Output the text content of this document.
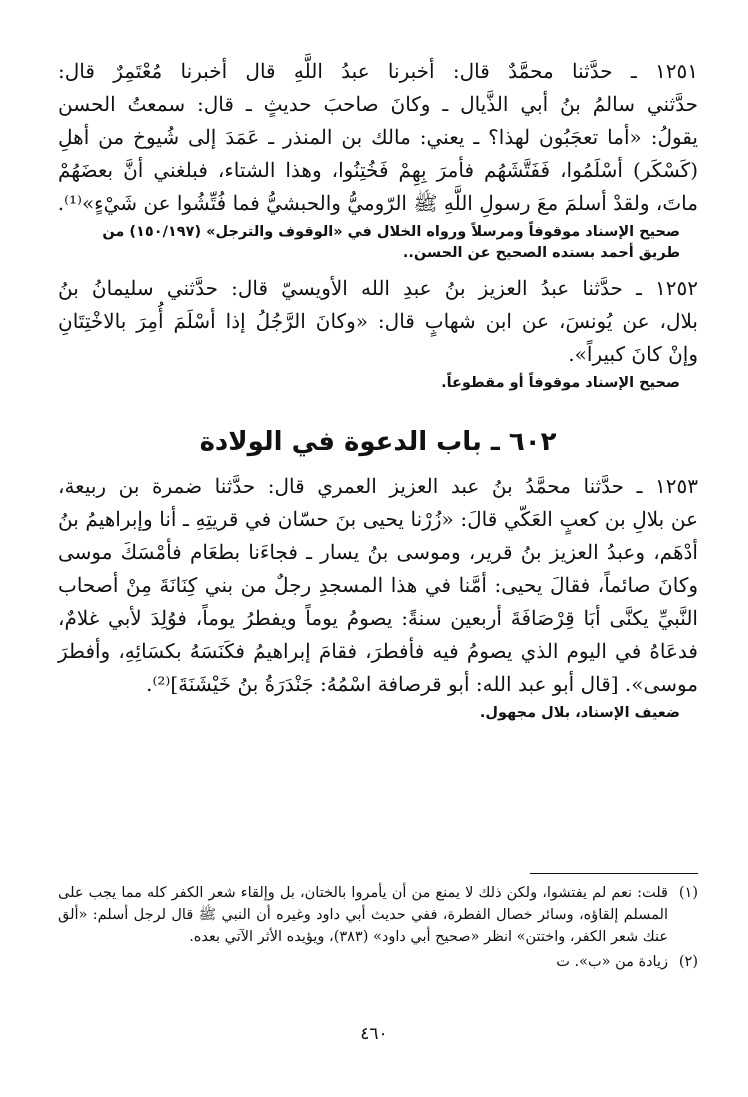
١٢٥١ ـ حدَّثنا محمَّدٌ قال: أخبرنا عبدُ اللَّهِ قال أخبرنا مُعْتَمِرٌ قال:
حدَّثني سالمُ بنُ أبي الذَّيال ـ وكانَ صاحبَ حديثٍ ـ قال: سمعتُ الحسن
يقولُ: «أما تعجَبُون لهذا؟ ـ يعني: مالك بن المنذر ـ عَمَدَ إلى شُيوخ من أهلِ
(كَسْكَر) أسْلَمُوا، فَفَتَّشَهُم فأمرَ بِهِمْ فَخُتِنُوا، وهذا الشتاء، فبلغني أنَّ بعضَهُمْ
ماتَ، ولقدْ أسلمَ معَ رسولِ اللَّهِ ﷺ الرّوميُّ والحبشيُّ فما فُتِّشُوا عن شَيْءٍ»⁽¹⁾.
صحيح الإسناد موقوفاً ومرسلاً ورواه الخلال في «الوقوف والترجل» (١٥٠/١٩٧) من
طريق أحمد بسنده الصحيح عن الحسن..
١٢٥٢ ـ حدَّثنا عبدُ العزيز بنُ عبدِ الله الأويسيّ قال: حدَّثني سليمانُ بنُ
بلال، عن يُونسَ، عن ابن شهابٍ قال: «وكانَ الرَّجُلُ إذا أسْلَمَ أُمِرَ بالاخْتِتَانِ
وإنْ كانَ كبيراً».
صحيح الإسناد موقوفاً أو مقطوعاً.
٦٠٢ ـ باب الدعوة في الولادة
١٢٥٣ ـ حدَّثنا محمَّدُ بنُ عبد العزيز العمري قال: حدَّثنا ضمرة بن ربيعة،
عن بلالِ بن كعبٍ العَكّي قالَ: «زُرْنا يحيى بنَ حسّان في قريتِهِ ـ أنا وإبراهيمُ بنُ
أدْهَم، وعبدُ العزيز بنُ قرير، وموسى بنُ يسار ـ فجاءَنا بطعَام فأمْسَكَ موسى
وكانَ صائماً، فقالَ يحيى: أمَّنا في هذا المسجدِ رجلٌ من بني كِنَانَةَ مِنْ أصحاب
النَّبيِّ يكنَّى أبَا قِرْصَافَةَ أربعين سنةً: يصومُ يوماً ويفطرُ يوماً، فوُلِدَ لأبي غلامٌ،
فدعَاهُ في اليوم الذي يصومُ فيه فأفطرَ، فقامَ إبراهيمُ فكَنَسَهُ بكسَائِهِ، وأفطرَ
موسى». [قال أبو عبد الله: أبو قرصافة اسْمُهُ: جَنْدَرَةُ بنُ خَيْشَنَةَ]⁽²⁾.
ضعيف الإسناد، بلال مجهول.
(١)
قلت: نعم لم يفتشوا، ولكن ذلك لا يمنع من أن يأمروا بالختان، بل وإلقاء شعر الكفر كله مما يجب على المسلم إلقاؤه، وسائر خصال الفطرة، ففي حديث أبي داود وغيره أن النبي ﷺ قال لرجل أسلم: «ألق عنك شعر الكفر، واختتن» انظر «صحيح أبي داود» (٣٨٣)، ويؤيده الأثر الآتي بعده.
(٢)
زيادة من «ب». ت
٤٦٠
